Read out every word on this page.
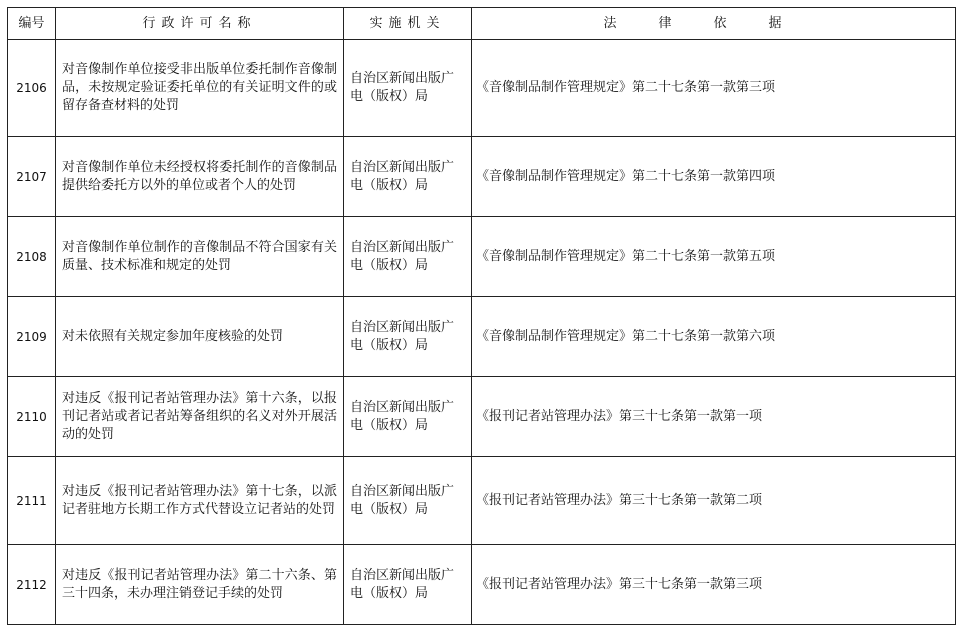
编号	行政许可名称	实施机关	法律依据
2106	对音像制作单位接受非出版单位委托制作音像制品，未按规定验证委托单位的有关证明文件的或留存备查材料的处罚	自治区新闻出版广电（版权）局	《音像制品制作管理规定》第二十七条第一款第三项
2107	对音像制作单位未经授权将委托制作的音像制品提供给委托方以外的单位或者个人的处罚	自治区新闻出版广电（版权）局	《音像制品制作管理规定》第二十七条第一款第四项
2108	对音像制作单位制作的音像制品不符合国家有关质量、技术标准和规定的处罚	自治区新闻出版广电（版权）局	《音像制品制作管理规定》第二十七条第一款第五项
2109	对未依照有关规定参加年度核验的处罚	自治区新闻出版广电（版权）局	《音像制品制作管理规定》第二十七条第一款第六项
2110	对违反《报刊记者站管理办法》第十六条，以报刊记者站或者记者站筹备组织的名义对外开展活动的处罚	自治区新闻出版广电（版权）局	《报刊记者站管理办法》第三十七条第一款第一项
2111	对违反《报刊记者站管理办法》第十七条，以派记者驻地方长期工作方式代替设立记者站的处罚	自治区新闻出版广电（版权）局	《报刊记者站管理办法》第三十七条第一款第二项
2112	对违反《报刊记者站管理办法》第二十六条、第三十四条，未办理注销登记手续的处罚	自治区新闻出版广电（版权）局	《报刊记者站管理办法》第三十七条第一款第三项
